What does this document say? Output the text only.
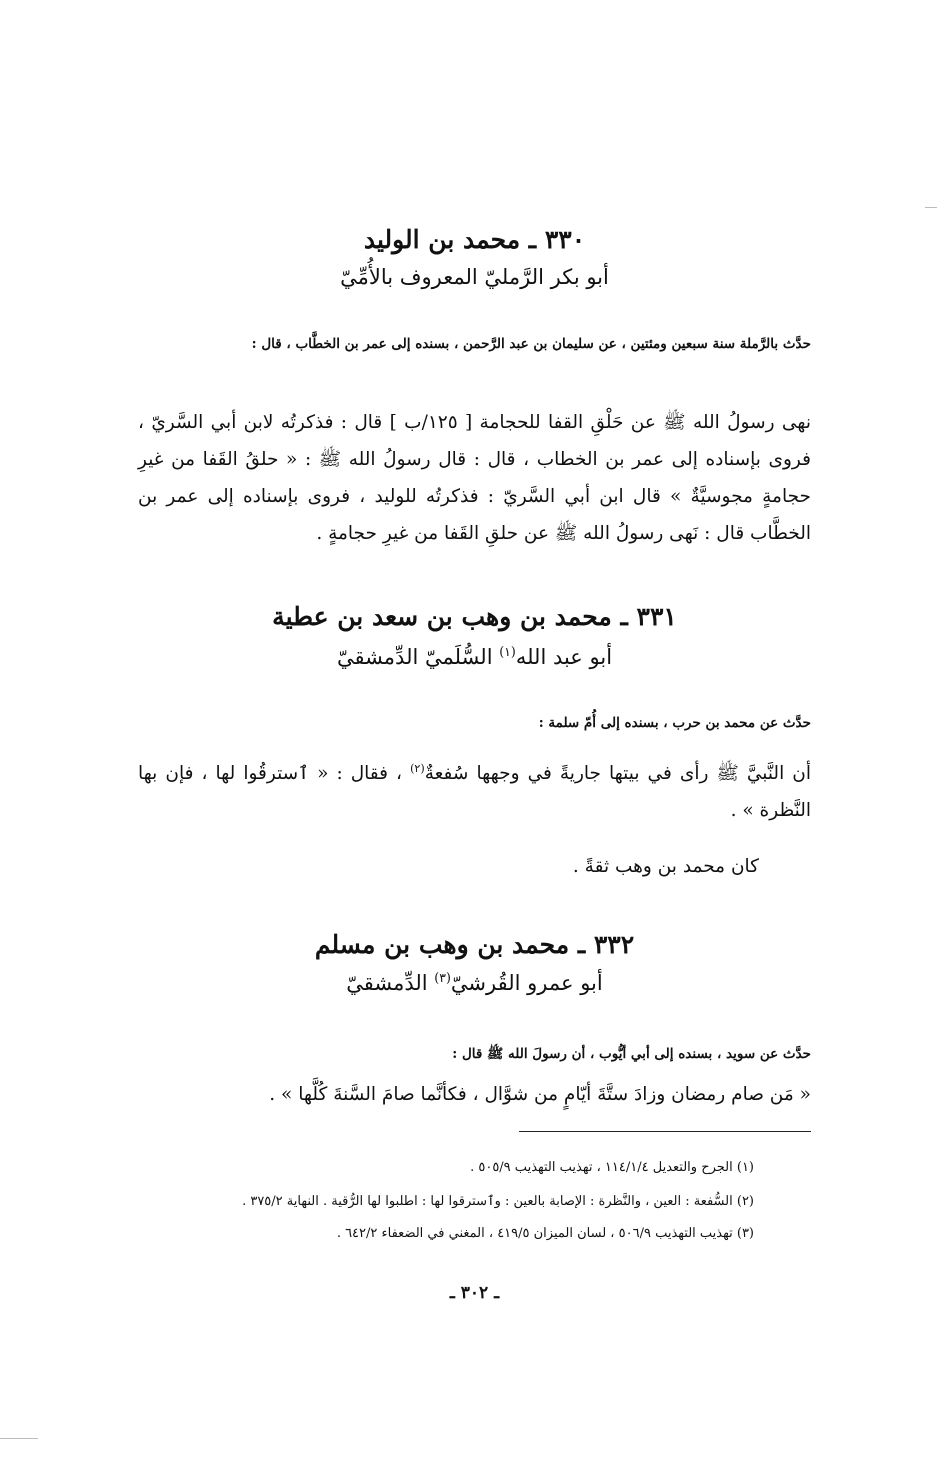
٣٣٠ ـ محمد بن الوليد
أبو بكر الرَّمليّ المعروف بالأُمِّيّ
حدَّث بالرَّملة سنة سبعين ومئتين ، عن سليمان بن عبد الرَّحمن ، بسنده إلى عمر بن الخطَّاب ، قال :
نهى رسولُ الله ﷺ عن حَلْقِ القفا للحجامة [ ١٢٥/ب ] قال : فذكرتُه لابن أبي السَّريّ ، فروى بإسناده إلى عمر بن الخطاب ، قال : قال رسولُ الله ﷺ : « حلقُ القَفا من غيرِ حجامةٍ مجوسيَّةٌ » قال ابن أبي السَّريّ : فذكرتُه للوليد ، فروى بإسناده إلى عمر بن الخطَّاب قال : نَهى رسولُ الله ﷺ عن حلقِ القَفا من غيرِ حجامةٍ .
٣٣١ ـ محمد بن وهب بن سعد بن عطية
أبو عبد الله$^{(١)}$ السُّلَميّ الدِّمشقيّ
حدَّث عن محمد بن حرب ، بسنده إلى أُمّ سلمة :
أن النَّبيَّ ﷺ رأى في بيتها جاريةً في وجهها سُفعةٌ$^{(٢)}$ ، فقال : « ٱسترقُوا لها ، فإن بها النَّظرة » .
كان محمد بن وهب ثقةً .
٣٣٢ ـ محمد بن وهب بن مسلم
أبو عمرو القُرشيّ$^{(٣)}$ الدِّمشقيّ
حدَّث عن سويد ، بسنده إلى أبي أيُّوب ، أن رسولَ الله ﷺ قال :
« مَن صام رمضان وزادَ ستَّةَ أيّامٍ من شوَّال ، فكأنَّما صامَ السَّنةَ كُلَّها » .
(١) الجرح والتعديل ١١٤/١/٤ ، تهذيب التهذيب ٥٠٥/٩ .
(٢) السُّفعة : العين ، والنَّظرة : الإصابة بالعين : وٱسترقوا لها : اطلبوا لها الرُّقية . النهاية ٣٧٥/٢ .
(٣) تهذيب التهذيب ٥٠٦/٩ ، لسان الميزان ٤١٩/٥ ، المغني في الضعفاء ٦٤٢/٢ .
ـ ٣٠٢ ـ
